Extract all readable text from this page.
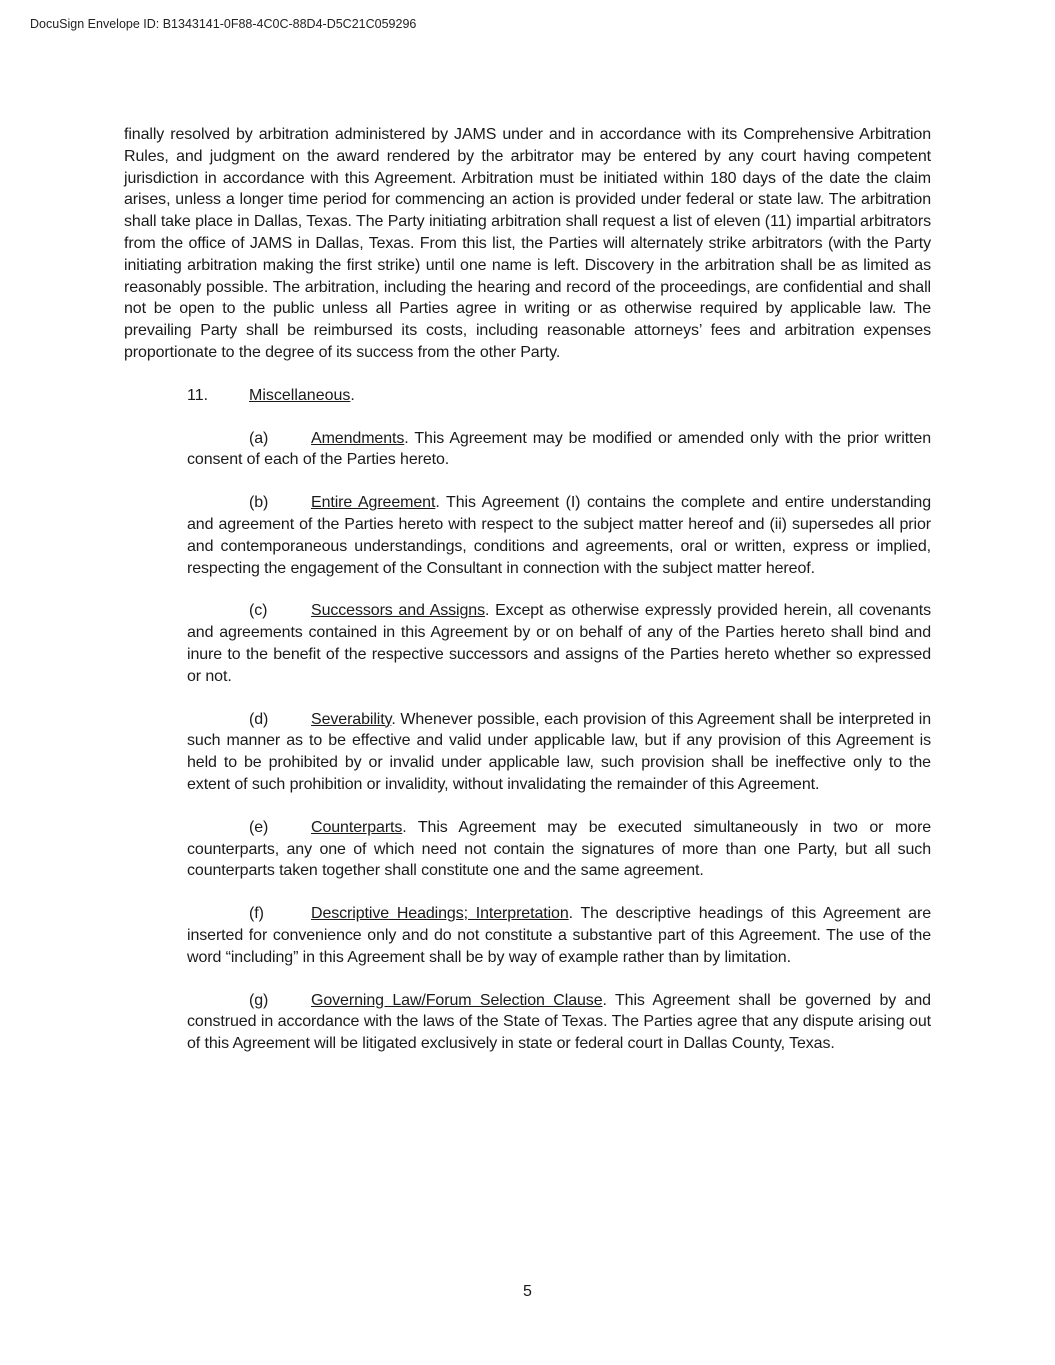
DocuSign Envelope ID: B1343141-0F88-4C0C-88D4-D5C21C059296

finally resolved by arbitration administered by JAMS under and in accordance with its Comprehensive Arbitration Rules, and judgment on the award rendered by the arbitrator may be entered by any court having competent jurisdiction in accordance with this Agreement. Arbitration must be initiated within 180 days of the date the claim arises, unless a longer time period for commencing an action is provided under federal or state law. The arbitration shall take place in Dallas, Texas. The Party initiating arbitration shall request a list of eleven (11) impartial arbitrators from the office of JAMS in Dallas, Texas. From this list, the Parties will alternately strike arbitrators (with the Party initiating arbitration making the first strike) until one name is left. Discovery in the arbitration shall be as limited as reasonably possible. The arbitration, including the hearing and record of the proceedings, are confidential and shall not be open to the public unless all Parties agree in writing or as otherwise required by applicable law. The prevailing Party shall be reimbursed its costs, including reasonable attorneys’ fees and arbitration expenses proportionate to the degree of its success from the other Party.

11.	Miscellaneous.

(a)	Amendments. This Agreement may be modified or amended only with the prior written consent of each of the Parties hereto.

(b)	Entire Agreement. This Agreement (I) contains the complete and entire understanding and agreement of the Parties hereto with respect to the subject matter hereof and (ii) supersedes all prior and contemporaneous understandings, conditions and agreements, oral or written, express or implied, respecting the engagement of the Consultant in connection with the subject matter hereof.

(c)	Successors and Assigns. Except as otherwise expressly provided herein, all covenants and agreements contained in this Agreement by or on behalf of any of the Parties hereto shall bind and inure to the benefit of the respective successors and assigns of the Parties hereto whether so expressed or not.

(d)	Severability. Whenever possible, each provision of this Agreement shall be interpreted in such manner as to be effective and valid under applicable law, but if any provision of this Agreement is held to be prohibited by or invalid under applicable law, such provision shall be ineffective only to the extent of such prohibition or invalidity, without invalidating the remainder of this Agreement.

(e)	Counterparts. This Agreement may be executed simultaneously in two or more counterparts, any one of which need not contain the signatures of more than one Party, but all such counterparts taken together shall constitute one and the same agreement.

(f)	Descriptive Headings; Interpretation. The descriptive headings of this Agreement are inserted for convenience only and do not constitute a substantive part of this Agreement. The use of the word “including” in this Agreement shall be by way of example rather than by limitation.

(g)	Governing Law/Forum Selection Clause. This Agreement shall be governed by and construed in accordance with the laws of the State of Texas. The Parties agree that any dispute arising out of this Agreement will be litigated exclusively in state or federal court in Dallas County, Texas.

5
